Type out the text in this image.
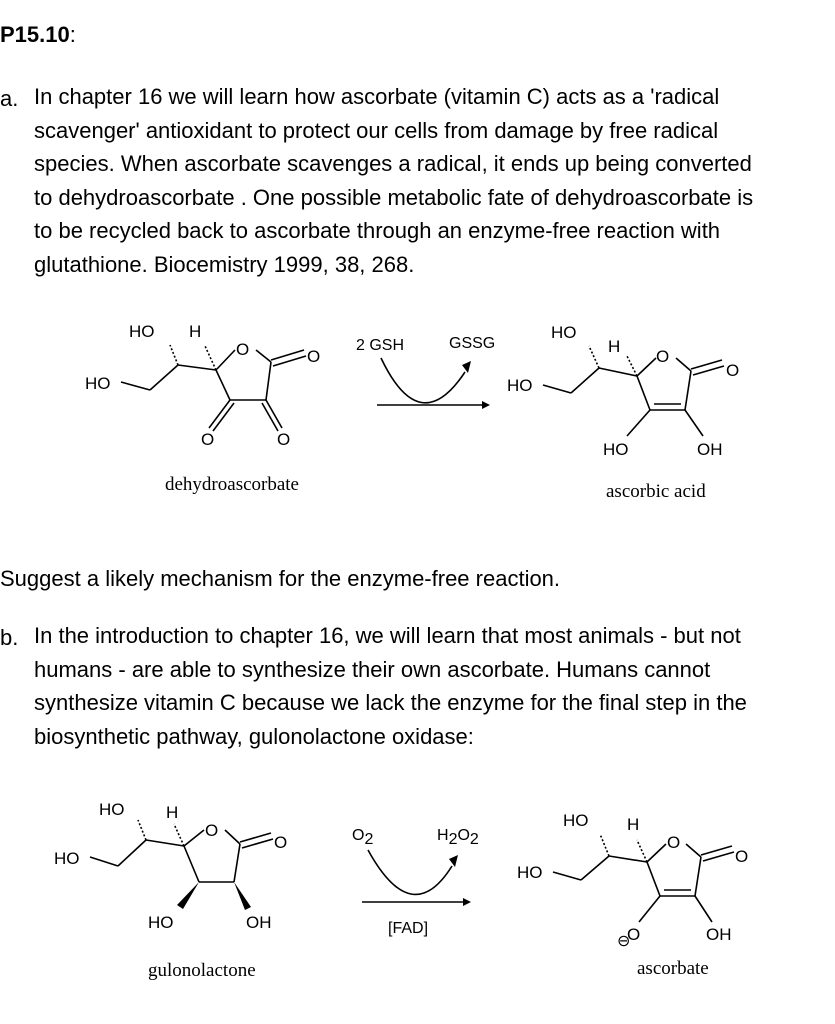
P15.10:
a. In chapter 16 we will learn how ascorbate (vitamin C) acts as a 'radical
scavenger' antioxidant to protect our cells from damage by free radical
species. When ascorbate scavenges a radical, it ends up being converted
to dehydroascorbate . One possible metabolic fate of dehydroascorbate is
to be recycled back to ascorbate through an enzyme-free reaction with
glutathione. Biocemistry 1999, 38, 268.
HO H
HO
O	O
O	O
dehydroascorbate
2 GSH	GSSG
HO
H
HO
O
O
HO	OH
ascorbic acid
Suggest a likely mechanism for the enzyme-free reaction.
b. In the introduction to chapter 16, we will learn that most animals - but not
humans - are able to synthesize their own ascorbate. Humans cannot
synthesize vitamin C because we lack the enzyme for the final step in the
biosynthetic pathway, gulonolactone oxidase:
HO H
HO
O
O
HO	OH
gulonolactone
O2	H2O2
[FAD]
HO H
HO
O
O
O
⊖	OH
ascorbate
